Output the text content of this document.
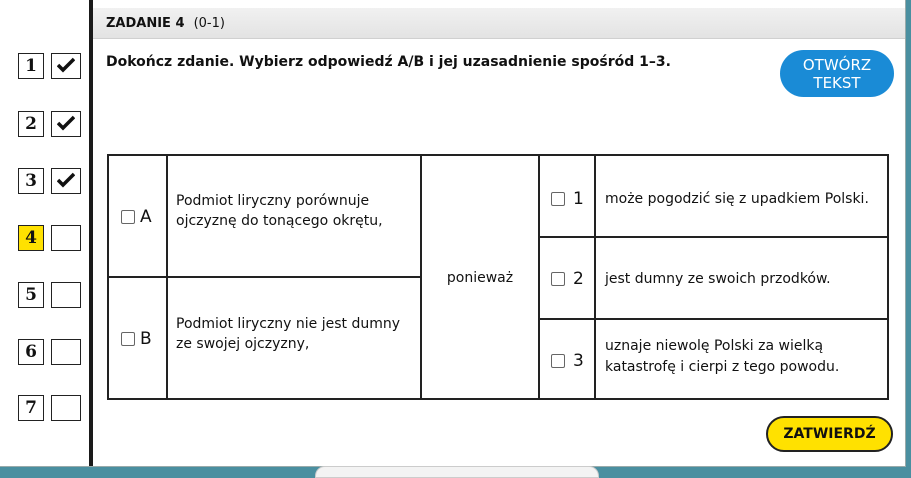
ZADANIE 4 (0-1)
1
2
3
4
5
6
7
Dokończ zdanie. Wybierz odpowiedź A/B i jej uzasadnienie spośród 1–3.	OTWÓRZ
TEKST
A
Podmiot liryczny porównuje ojczyznę do tonącego okrętu,
B
Podmiot liryczny nie jest dumny ze swojej ojczyzny,
ponieważ
1 może pogodzić się z upadkiem Polski.
2 jest dumny ze swoich przodków.
3
uznaje niewolę Polski za wielką katastrofę i cierpi z tego powodu.
ZATWIERDŹ
